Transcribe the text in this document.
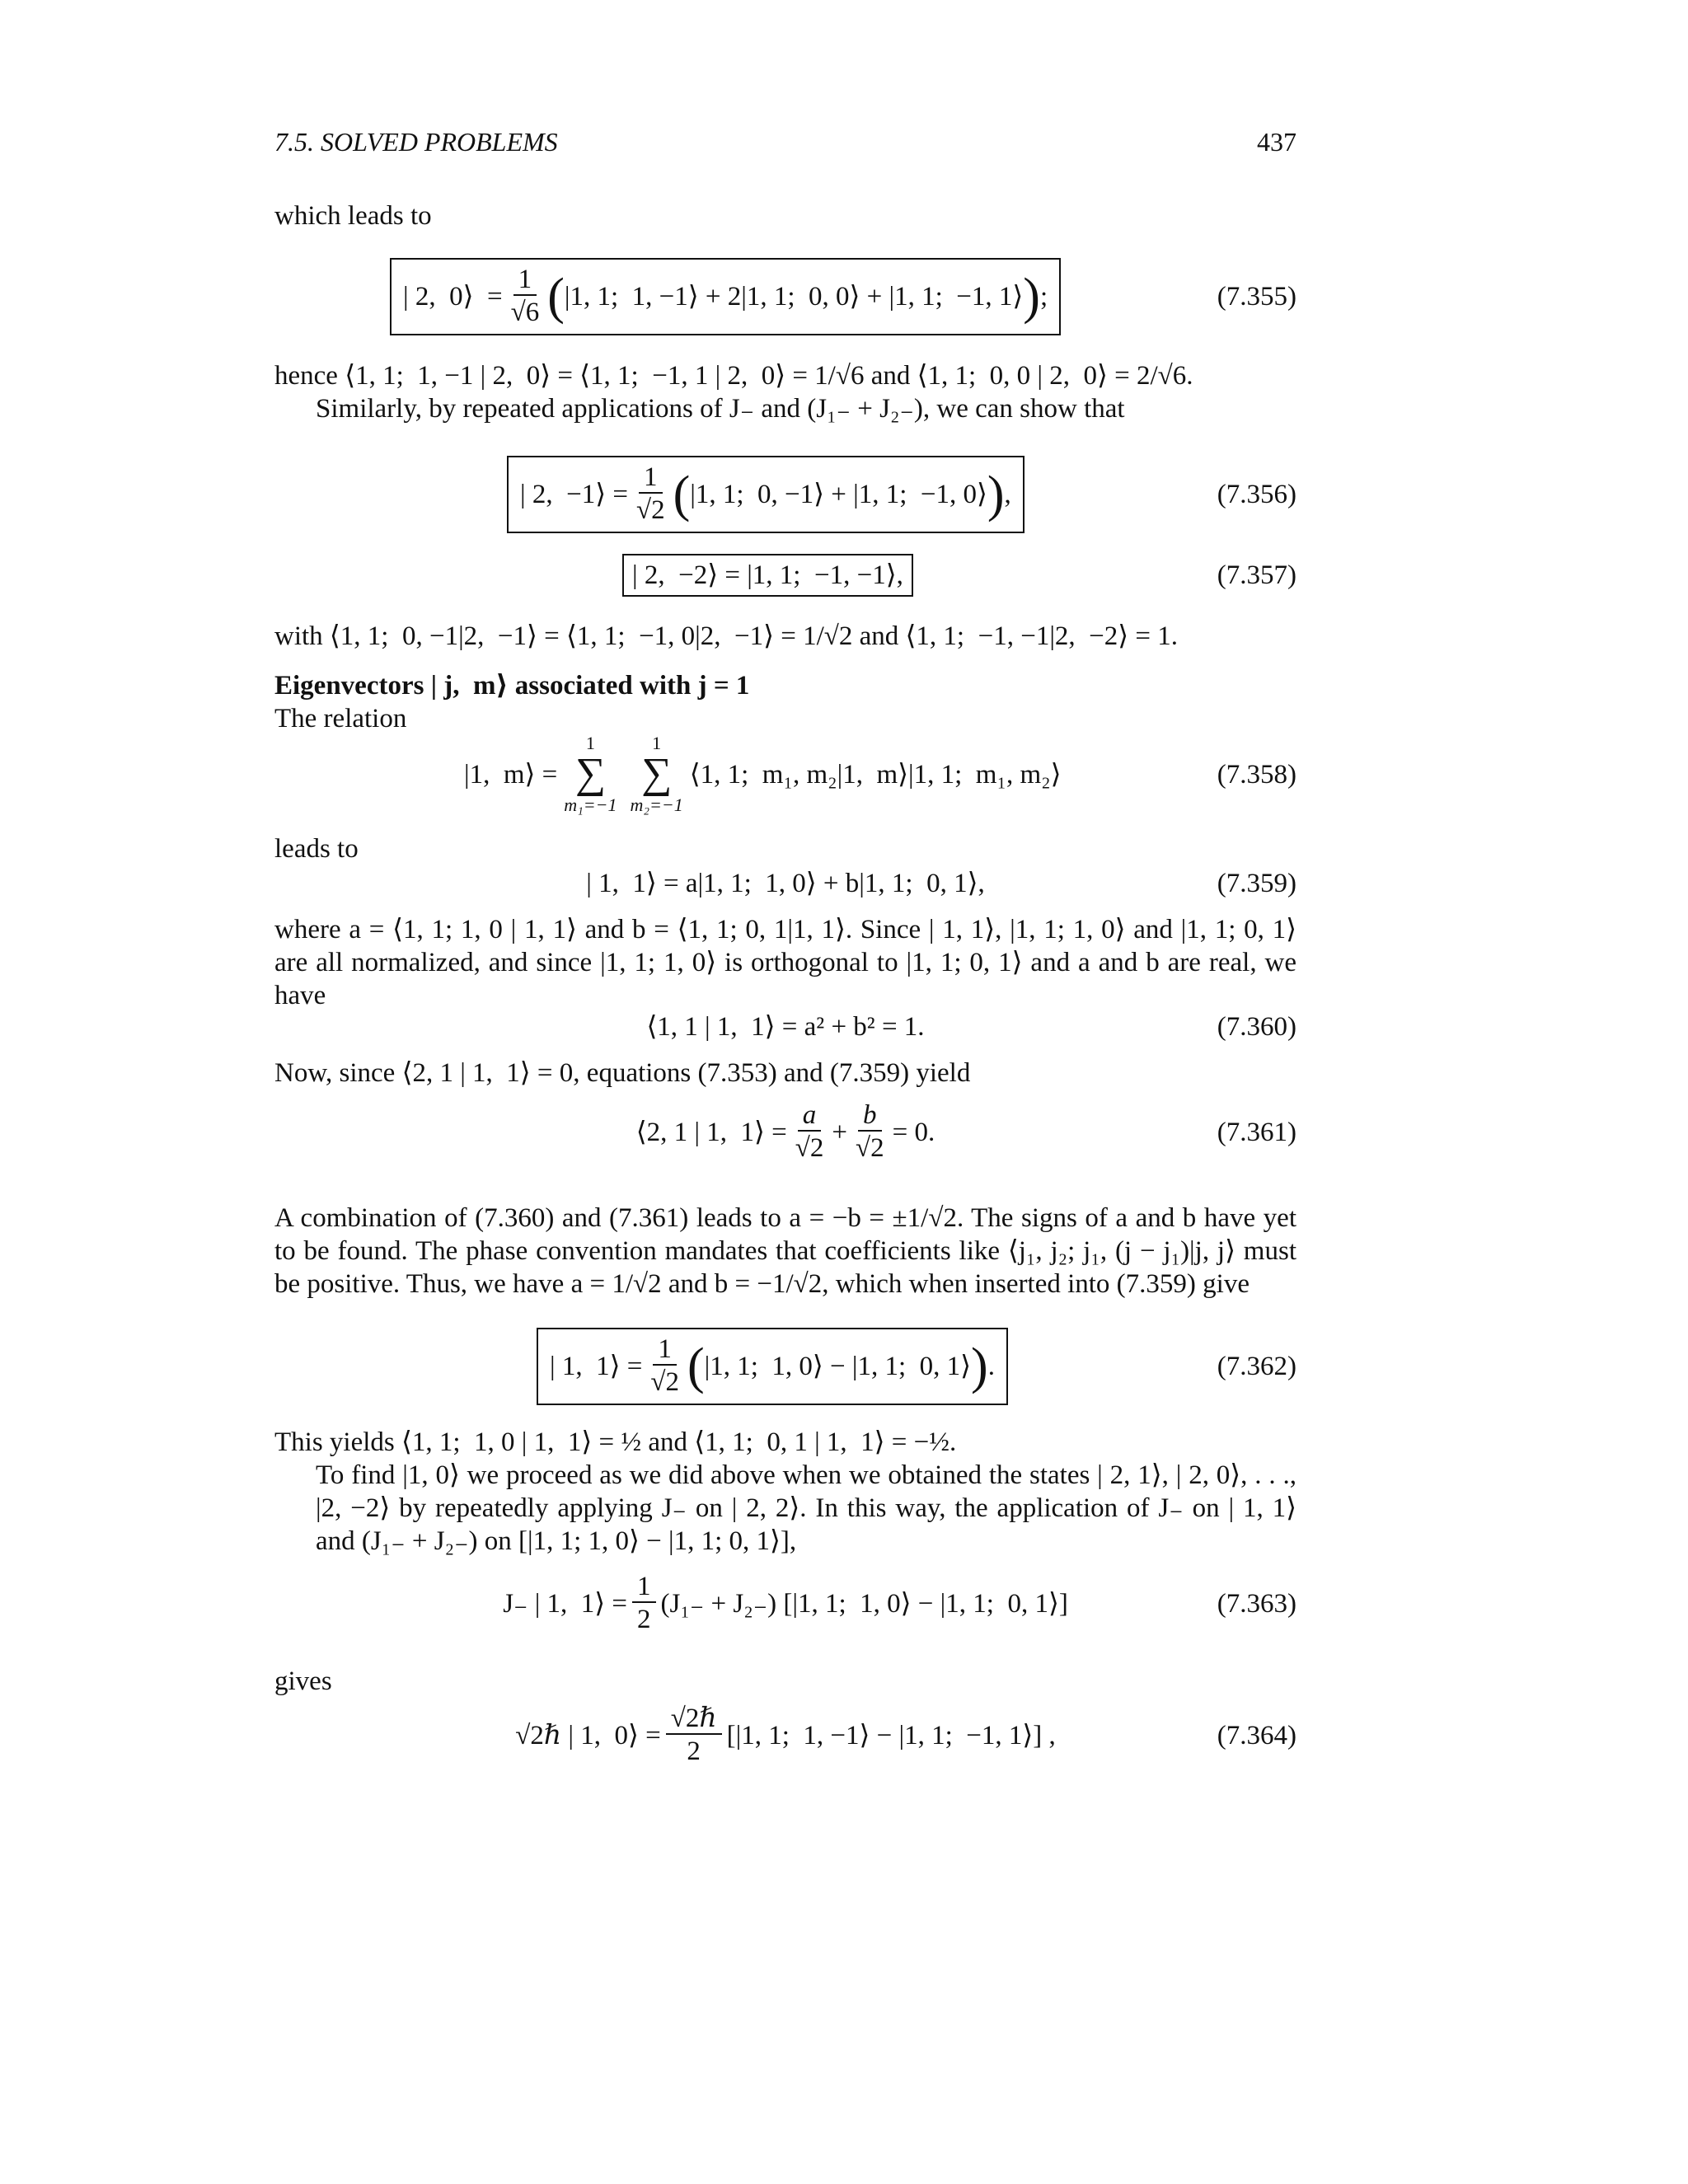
7.5. SOLVED PROBLEMS	437
which leads to
| 2,  0⟩  = $\frac{1}{√6}$ ( |1, 1;  1, −1⟩ + 2|1, 1;  0, 0⟩ + |1, 1;  −1, 1⟩ ) ;	(7.355)
hence ⟨1, 1;  1, −1 | 2,  0⟩ = ⟨1, 1;  −1, 1 | 2,  0⟩ = 1/√6 and ⟨1, 1;  0, 0 | 2,  0⟩ = 2/√6.
Similarly, by repeated applications of J₋ and (J₁₋ + J₂₋), we can show that
| 2,  −1⟩ = $\frac{1}{√2}$ ( |1, 1;  0, −1⟩ + |1, 1;  −1, 0⟩ ) ,	(7.356)
| 2,  −2⟩ = |1, 1;  −1, −1⟩,	(7.357)
with ⟨1, 1;  0, −1|2,  −1⟩ = ⟨1, 1;  −1, 0|2,  −1⟩ = 1/√2 and ⟨1, 1;  −1, −1|2,  −2⟩ = 1.
Eigenvectors | j,  m⟩ associated with j = 1
The relation
|1,  m⟩ =
1
∑
m₁=−1
1
∑
m₂=−1
⟨1, 1;  m₁, m₂|1,  m⟩|1, 1;  m₁, m₂⟩	(7.358)
leads to
| 1,  1⟩ = a|1, 1;  1, 0⟩ + b|1, 1;  0, 1⟩,	(7.359)
where a = ⟨1, 1; 1, 0 | 1, 1⟩ and b = ⟨1, 1; 0, 1|1, 1⟩. Since | 1, 1⟩, |1, 1; 1, 0⟩ and |1, 1; 0, 1⟩ are all normalized, and since |1, 1; 1, 0⟩ is orthogonal to |1, 1; 0, 1⟩ and a and b are real, we have
⟨1, 1 | 1,  1⟩ = a² + b² = 1.	(7.360)
Now, since ⟨2, 1 | 1,  1⟩ = 0, equations (7.353) and (7.359) yield
⟨2, 1 | 1,  1⟩ = $\frac{a}{√2} + \frac{b}{√2} = 0$.	(7.361)
A combination of (7.360) and (7.361) leads to a = −b = ±1/√2. The signs of a and b have yet to be found. The phase convention mandates that coefficients like ⟨j₁, j₂; j₁, (j − j₁)|j, j⟩ must be positive. Thus, we have a = 1/√2 and b = −1/√2, which when inserted into (7.359) give
| 1,  1⟩ = $\frac{1}{√2}$ ( |1, 1;  1, 0⟩ − |1, 1;  0, 1⟩ ) .	(7.362)
This yields ⟨1, 1;  1, 0 | 1,  1⟩ = ½ and ⟨1, 1;  0, 1 | 1,  1⟩ = −½.
To find |1, 0⟩ we proceed as we did above when we obtained the states | 2, 1⟩, | 2, 0⟩, . . ., |2, −2⟩ by repeatedly applying J₋ on | 2, 2⟩. In this way, the application of J₋ on | 1, 1⟩ and (J₁₋ + J₂₋) on [|1, 1; 1, 0⟩ − |1, 1; 0, 1⟩],
J₋ | 1,  1⟩ = $\frac{1}{2} (J_{1-} + J_{2-})$ [|1, 1;  1, 0⟩ − |1, 1;  0, 1⟩]	(7.363)
gives
√2ℏ | 1,  0⟩ = $\frac{\text{√2ℏ}}{2} [|1$, 1;  1, −1⟩ − |1, 1;  −1, 1⟩] ,	(7.364)
